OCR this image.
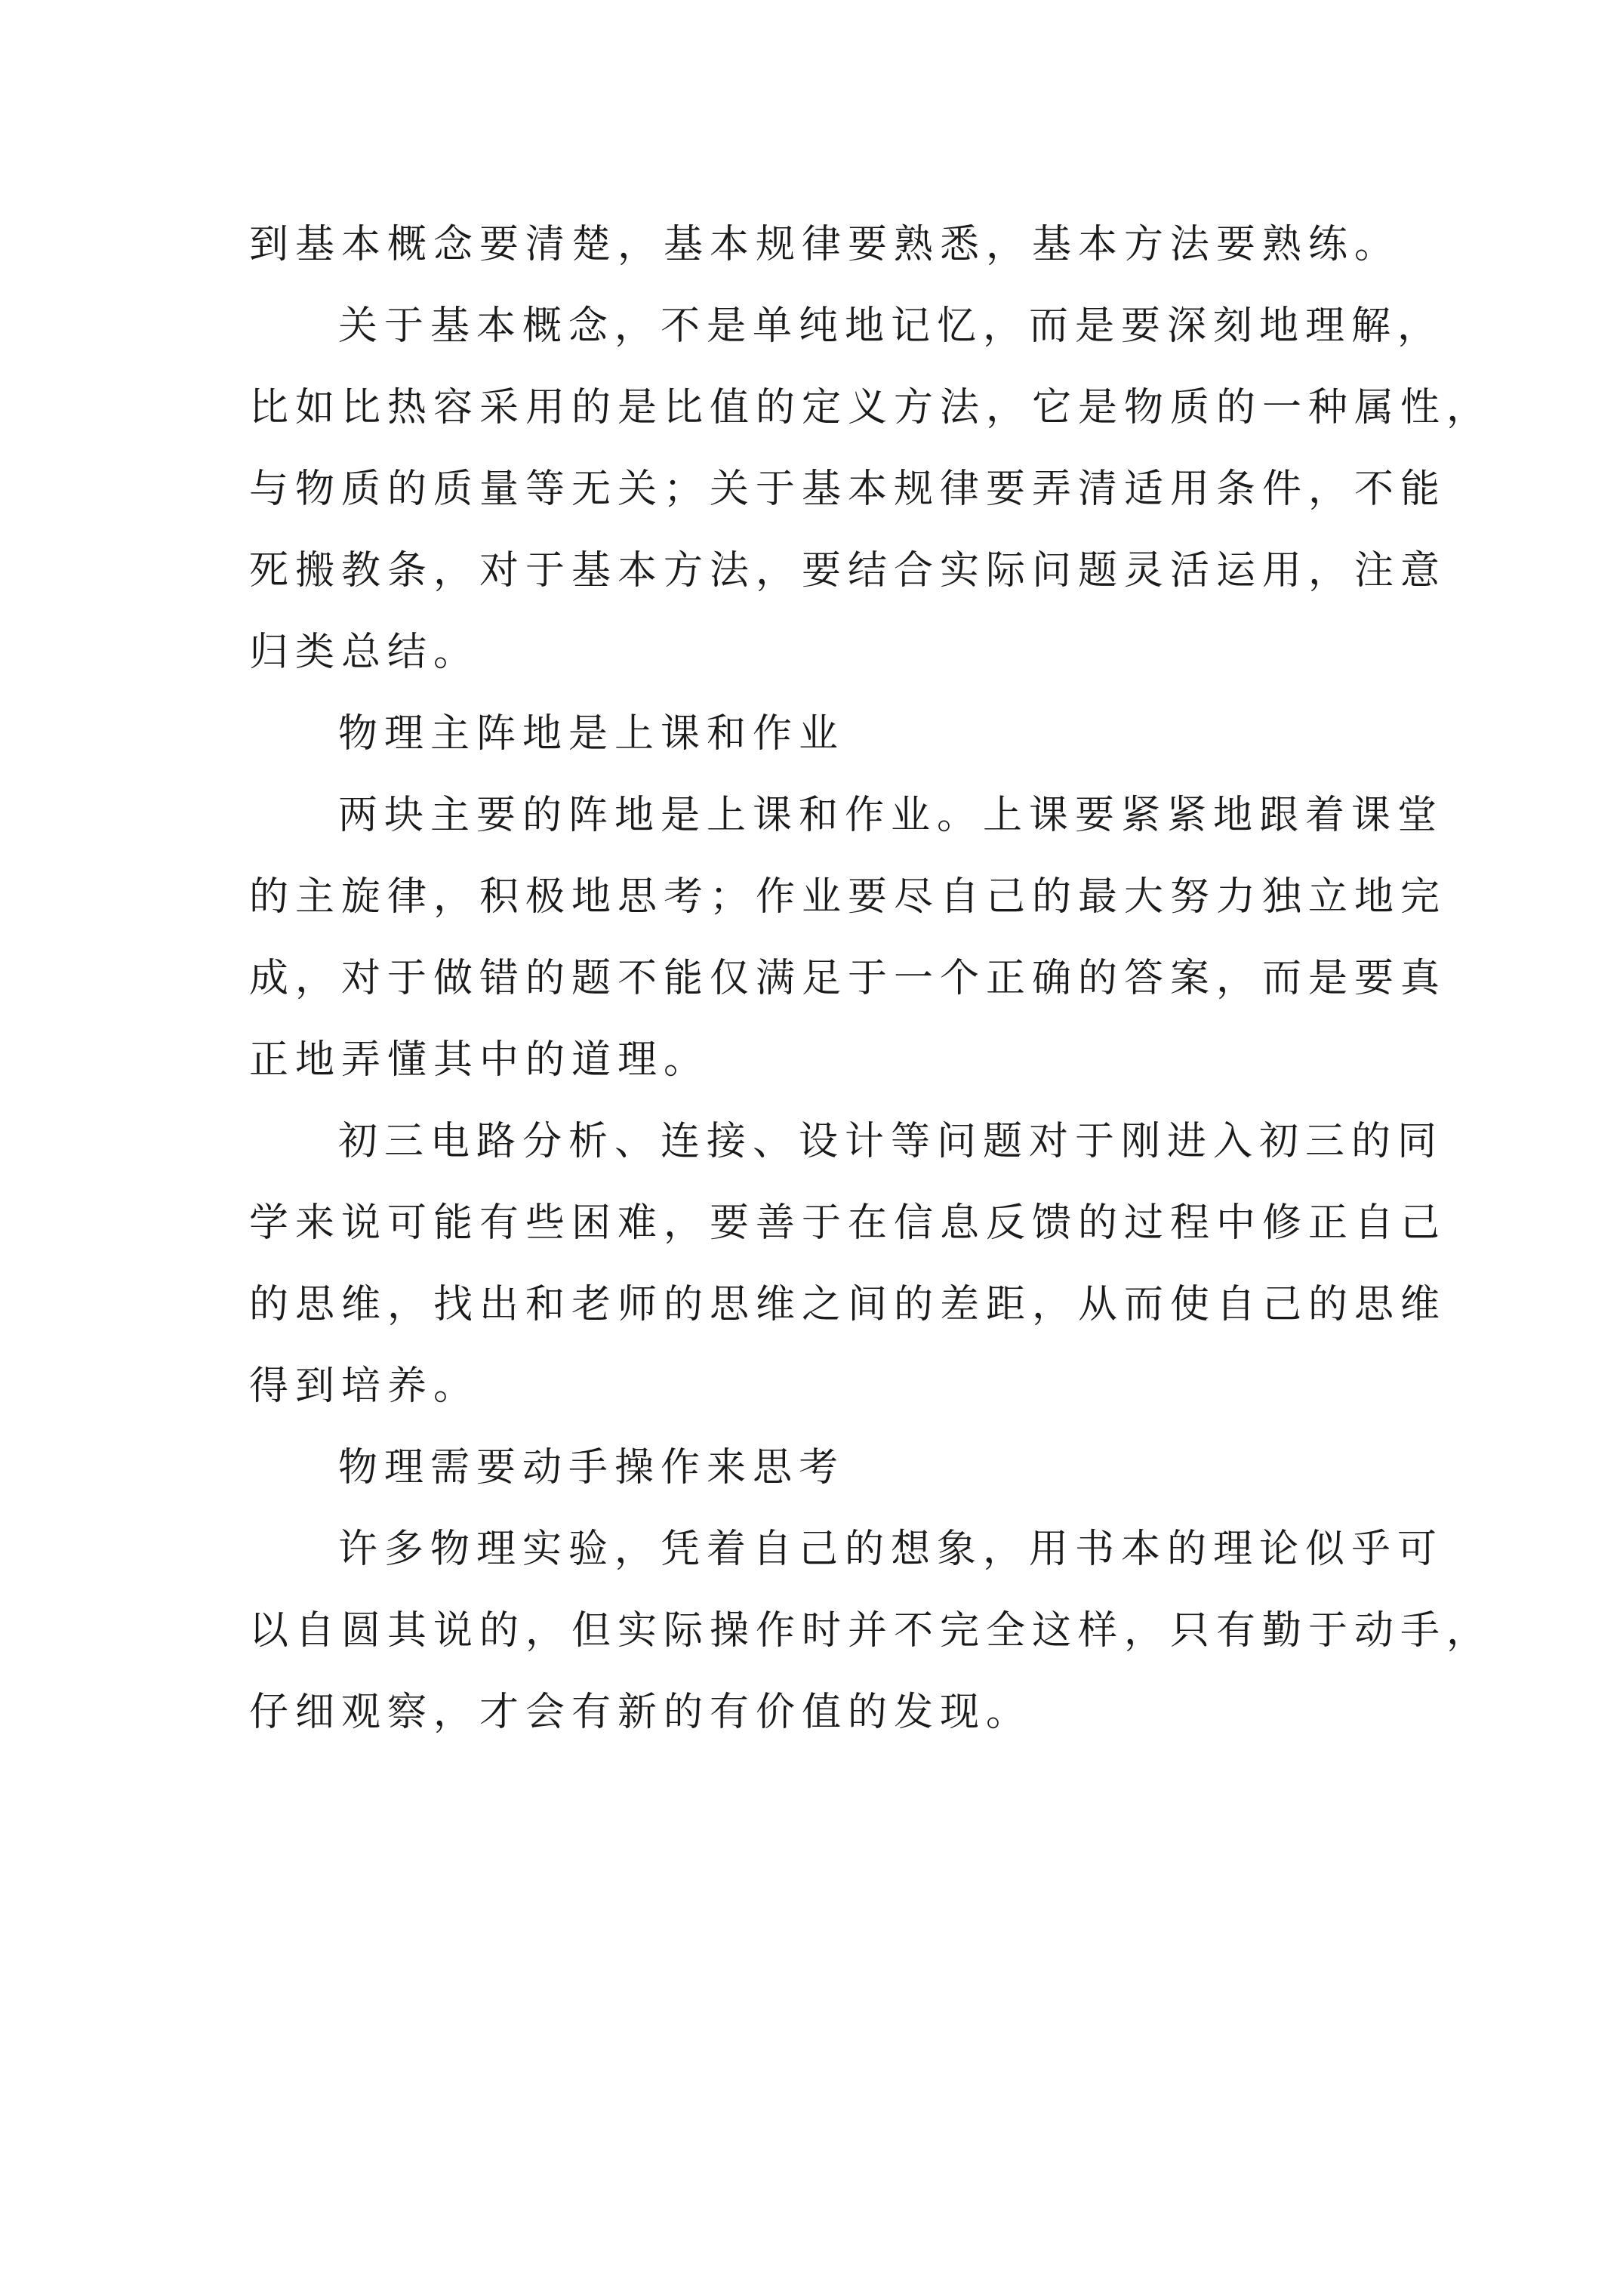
到基本概念要清楚，基本规律要熟悉，基本方法要熟练。
关于基本概念，不是单纯地记忆，而是要深刻地理解，
比如比热容采用的是比值的定义方法，它是物质的一种属性，
与物质的质量等无关；关于基本规律要弄清适用条件，不能
死搬教条，对于基本方法，要结合实际问题灵活运用，注意
归类总结。
物理主阵地是上课和作业
两块主要的阵地是上课和作业。上课要紧紧地跟着课堂
的主旋律，积极地思考；作业要尽自己的最大努力独立地完
成，对于做错的题不能仅满足于一个正确的答案，而是要真
正地弄懂其中的道理。
初三电路分析、连接、设计等问题对于刚进入初三的同
学来说可能有些困难，要善于在信息反馈的过程中修正自己
的思维，找出和老师的思维之间的差距，从而使自己的思维
得到培养。
物理需要动手操作来思考
许多物理实验，凭着自己的想象，用书本的理论似乎可
以自圆其说的，但实际操作时并不完全这样，只有勤于动手，
仔细观察，才会有新的有价值的发现。
